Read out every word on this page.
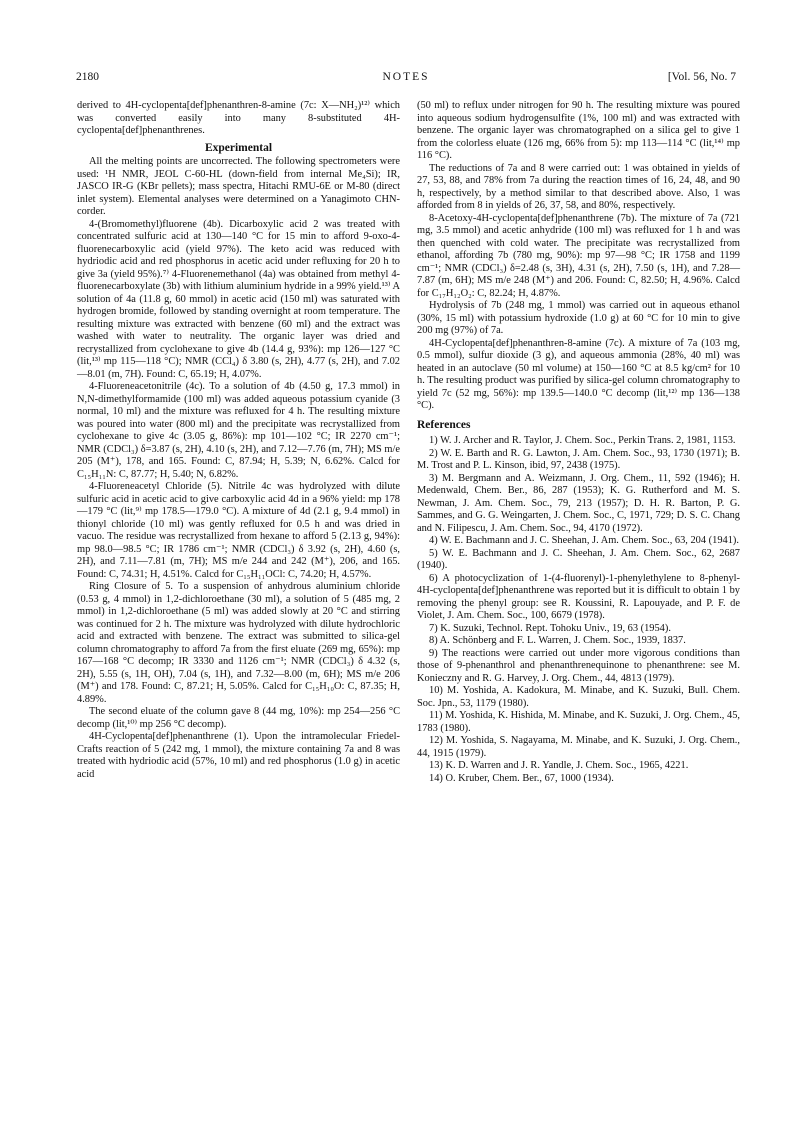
2180	NOTES	[Vol. 56, No. 7

derived to 4H-cyclopenta[def]phenanthren-8-amine (7c: X—NH₂)¹²⁾ which was converted easily into many 8-substituted 4H-cyclopenta[def]phenanthrenes.

Experimental

All the melting points are uncorrected. The following spectrometers were used: ¹H NMR, JEOL C-60-HL (down-field from internal Me₄Si); IR, JASCO IR-G (KBr pellets); mass spectra, Hitachi RMU-6E or M-80 (direct inlet system). Elemental analyses were determined on a Yanagimoto CHN-corder.

4-(Bromomethyl)fluorene (4b). Dicarboxylic acid 2 was treated with concentrated sulfuric acid at 130—140 °C for 15 min to afford 9-oxo-4-fluorenecarboxylic acid (yield 97%). The keto acid was reduced with hydriodic acid and red phosphorus in acetic acid under refluxing for 20 h to give 3a (yield 95%).⁷⁾ 4-Fluorenemethanol (4a) was obtained from methyl 4-fluorenecarboxylate (3b) with lithium aluminium hydride in a 99% yield.¹³⁾ A solution of 4a (11.8 g, 60 mmol) in acetic acid (150 ml) was saturated with hydrogen bromide, followed by standing overnight at room temperature. The resulting mixture was extracted with benzene (60 ml) and the extract was washed with water to neutrality. The organic layer was dried and recrystallized from cyclohexane to give 4b (14.4 g, 93%): mp 126—127 °C (lit,¹³⁾ mp 115—118 °C); NMR (CCl₄) δ 3.80 (s, 2H), 4.77 (s, 2H), and 7.02—8.01 (m, 7H). Found: C, 65.19; H, 4.07%.

4-Fluoreneacetonitrile (4c). To a solution of 4b (4.50 g, 17.3 mmol) in N,N-dimethylformamide (100 ml) was added aqueous potassium cyanide (3 normal, 10 ml) and the mixture was refluxed for 4 h. The resulting mixture was poured into water (800 ml) and the precipitate was recrystallized from cyclohexane to give 4c (3.05 g, 86%): mp 101—102 °C; IR 2270 cm⁻¹; NMR (CDCl₃) δ=3.87 (s, 2H), 4.10 (s, 2H), and 7.12—7.76 (m, 7H); MS m/e 205 (M⁺), 178, and 165. Found: C, 87.94; H, 5.39; N, 6.62%. Calcd for C₁₅H₁₁N: C, 87.77; H, 5.40; N, 6.82%.

4-Fluoreneacetyl Chloride (5). Nitrile 4c was hydrolyzed with dilute sulfuric acid in acetic acid to give carboxylic acid 4d in a 96% yield: mp 178—179 °C (lit,⁹⁾ mp 178.5—179.0 °C). A mixture of 4d (2.1 g, 9.4 mmol) in thionyl chloride (10 ml) was gently refluxed for 0.5 h and was dried in vacuo. The residue was recrystallized from hexane to afford 5 (2.13 g, 94%): mp 98.0—98.5 °C; IR 1786 cm⁻¹; NMR (CDCl₃) δ 3.92 (s, 2H), 4.60 (s, 2H), and 7.11—7.81 (m, 7H); MS m/e 244 and 242 (M⁺), 206, and 165. Found: C, 74.31; H, 4.51%. Calcd for C₁₅H₁₁OCl: C, 74.20; H, 4.57%.

Ring Closure of 5. To a suspension of anhydrous aluminium chloride (0.53 g, 4 mmol) in 1,2-dichloroethane (30 ml), a solution of 5 (485 mg, 2 mmol) in 1,2-dichloroethane (5 ml) was added slowly at 20 °C and stirring was continued for 2 h. The mixture was hydrolyzed with dilute hydrochloric acid and extracted with benzene. The extract was submitted to silica-gel column chromatography to afford 7a from the first eluate (269 mg, 65%): mp 167—168 °C decomp; IR 3330 and 1126 cm⁻¹; NMR (CDCl₃) δ 4.32 (s, 2H), 5.55 (s, 1H, OH), 7.04 (s, 1H), and 7.32—8.00 (m, 6H); MS m/e 206 (M⁺) and 178. Found: C, 87.21; H, 5.05%. Calcd for C₁₅H₁₀O: C, 87.35; H, 4.89%.

The second eluate of the column gave 8 (44 mg, 10%): mp 254—256 °C decomp (lit,¹⁰⁾ mp 256 °C decomp).

4H-Cyclopenta[def]phenanthrene (1). Upon the intramolecular Friedel-Crafts reaction of 5 (242 mg, 1 mmol), the mixture containing 7a and 8 was treated with hydriodic acid (57%, 10 ml) and red phosphorus (1.0 g) in acetic acid

(50 ml) to reflux under nitrogen for 90 h. The resulting mixture was poured into aqueous sodium hydrogensulfite (1%, 100 ml) and was extracted with benzene. The organic layer was chromatographed on a silica gel to give 1 from the colorless eluate (126 mg, 66% from 5): mp 113—114 °C (lit,¹⁴⁾ mp 116 °C).

The reductions of 7a and 8 were carried out: 1 was obtained in yields of 27, 53, 88, and 78% from 7a during the reaction times of 16, 24, 48, and 90 h, respectively, by a method similar to that described above. Also, 1 was afforded from 8 in yields of 26, 37, 58, and 80%, respectively.

8-Acetoxy-4H-cyclopenta[def]phenanthrene (7b). The mixture of 7a (721 mg, 3.5 mmol) and acetic anhydride (100 ml) was refluxed for 1 h and was then quenched with cold water. The precipitate was recrystallized from ethanol, affording 7b (780 mg, 90%): mp 97—98 °C; IR 1758 and 1199 cm⁻¹; NMR (CDCl₃) δ=2.48 (s, 3H), 4.31 (s, 2H), 7.50 (s, 1H), and 7.28—7.87 (m, 6H); MS m/e 248 (M⁺) and 206. Found: C, 82.50; H, 4.96%. Calcd for C₁₇H₁₂O₂: C, 82.24; H, 4.87%.

Hydrolysis of 7b (248 mg, 1 mmol) was carried out in aqueous ethanol (30%, 15 ml) with potassium hydroxide (1.0 g) at 60 °C for 10 min to give 200 mg (97%) of 7a.

4H-Cyclopenta[def]phenanthren-8-amine (7c). A mixture of 7a (103 mg, 0.5 mmol), sulfur dioxide (3 g), and aqueous ammonia (28%, 40 ml) was heated in an autoclave (50 ml volume) at 150—160 °C at 8.5 kg/cm² for 10 h. The resulting product was purified by silica-gel column chromatography to yield 7c (52 mg, 56%): mp 139.5—140.0 °C decomp (lit,¹²⁾ mp 136—138 °C).

References

1) W. J. Archer and R. Taylor, J. Chem. Soc., Perkin Trans. 2, 1981, 1153.

2) W. E. Barth and R. G. Lawton, J. Am. Chem. Soc., 93, 1730 (1971); B. M. Trost and P. L. Kinson, ibid, 97, 2438 (1975).

3) M. Bergmann and A. Weizmann, J. Org. Chem., 11, 592 (1946); H. Medenwald, Chem. Ber., 86, 287 (1953); K. G. Rutherford and M. S. Newman, J. Am. Chem. Soc., 79, 213 (1957); D. H. R. Barton, P. G. Sammes, and G. G. Weingarten, J. Chem. Soc., C, 1971, 729; D. S. C. Chang and N. Filipescu, J. Am. Chem. Soc., 94, 4170 (1972).

4) W. E. Bachmann and J. C. Sheehan, J. Am. Chem. Soc., 63, 204 (1941).

5) W. E. Bachmann and J. C. Sheehan, J. Am. Chem. Soc., 62, 2687 (1940).

6) A photocyclization of 1-(4-fluorenyl)-1-phenylethylene to 8-phenyl-4H-cyclopenta[def]phenanthrene was reported but it is difficult to obtain 1 by removing the phenyl group: see R. Koussini, R. Lapouyade, and P. F. de Violet, J. Am. Chem. Soc., 100, 6679 (1978).

7) K. Suzuki, Technol. Rept. Tohoku Univ., 19, 63 (1954).

8) A. Schönberg and F. L. Warren, J. Chem. Soc., 1939, 1837.

9) The reactions were carried out under more vigorous conditions than those of 9-phenanthrol and phenanthrenequinone to phenanthrene: see M. Konieczny and R. G. Harvey, J. Org. Chem., 44, 4813 (1979).

10) M. Yoshida, A. Kadokura, M. Minabe, and K. Suzuki, Bull. Chem. Soc. Jpn., 53, 1179 (1980).

11) M. Yoshida, K. Hishida, M. Minabe, and K. Suzuki, J. Org. Chem., 45, 1783 (1980).

12) M. Yoshida, S. Nagayama, M. Minabe, and K. Suzuki, J. Org. Chem., 44, 1915 (1979).

13) K. D. Warren and J. R. Yandle, J. Chem. Soc., 1965, 4221.

14) O. Kruber, Chem. Ber., 67, 1000 (1934).
